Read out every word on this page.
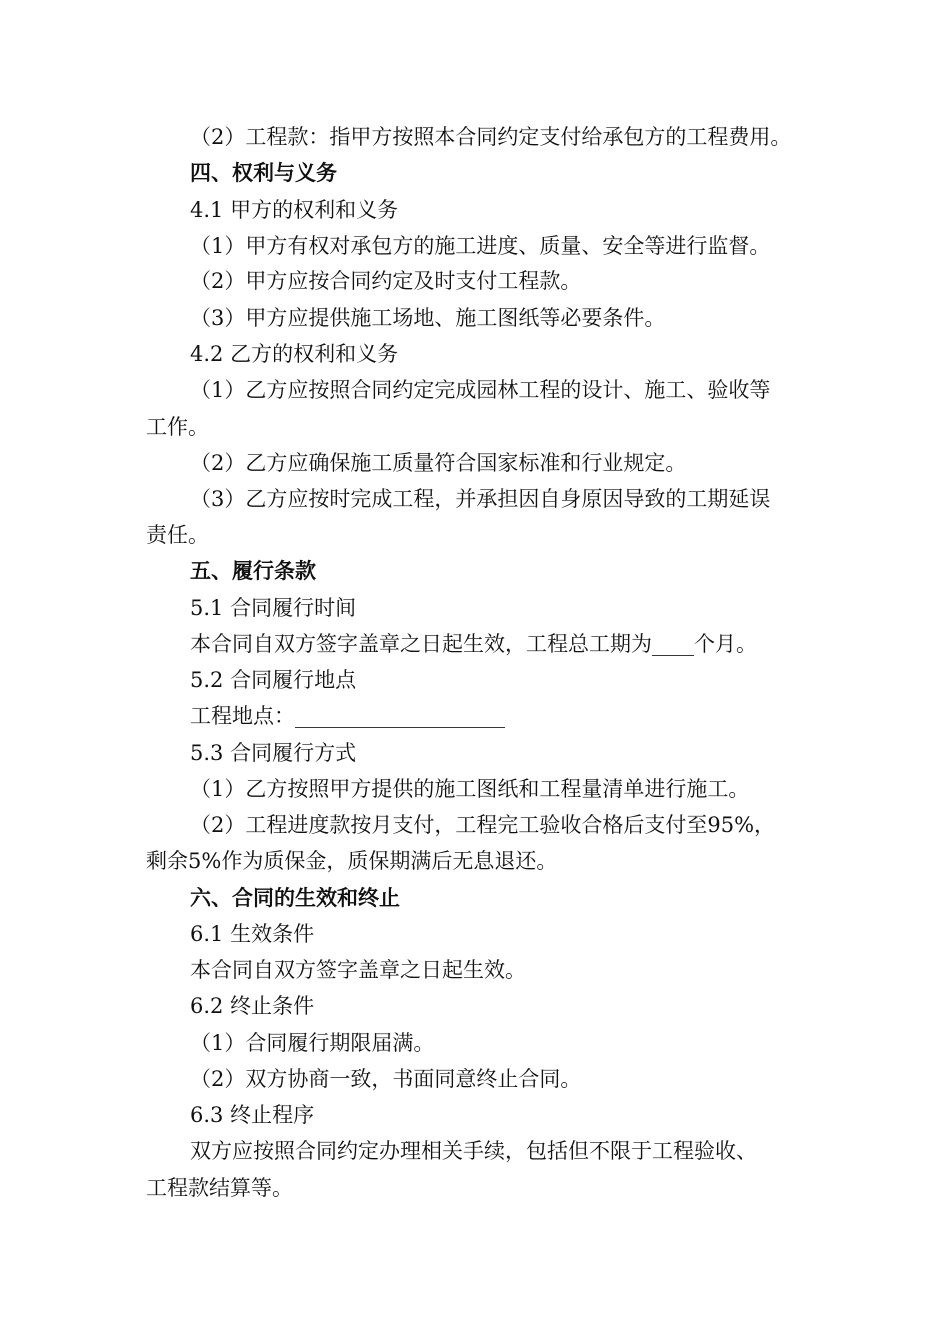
（2）工程款：指甲方按照本合同约定支付给承包方的工程费用。
四、权利与义务
4.1 甲方的权利和义务
（1）甲方有权对承包方的施工进度、质量、安全等进行监督。
（2）甲方应按合同约定及时支付工程款。
（3）甲方应提供施工场地、施工图纸等必要条件。
4.2 乙方的权利和义务
（1）乙方应按照合同约定完成园林工程的设计、施工、验收等
工作。
（2）乙方应确保施工质量符合国家标准和行业规定。
（3）乙方应按时完成工程，并承担因自身原因导致的工期延误
责任。
五、履行条款
5.1 合同履行时间
本合同自双方签字盖章之日起生效，工程总工期为____个月。
5.2 合同履行地点
工程地点：____________________
5.3 合同履行方式
（1）乙方按照甲方提供的施工图纸和工程量清单进行施工。
（2）工程进度款按月支付，工程完工验收合格后支付至95%，
剩余5%作为质保金，质保期满后无息退还。
六、合同的生效和终止
6.1 生效条件
本合同自双方签字盖章之日起生效。
6.2 终止条件
（1）合同履行期限届满。
（2）双方协商一致，书面同意终止合同。
6.3 终止程序
双方应按照合同约定办理相关手续，包括但不限于工程验收、
工程款结算等。
